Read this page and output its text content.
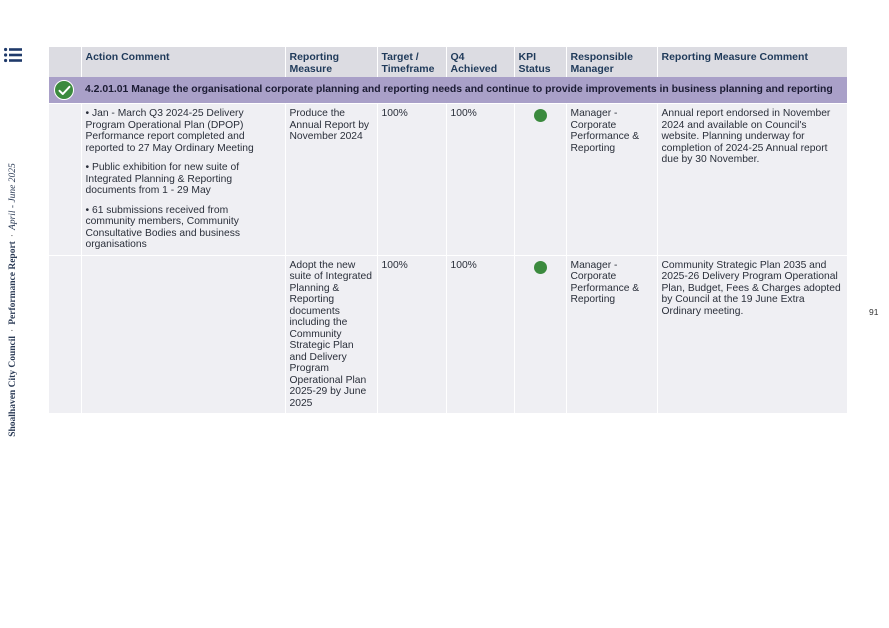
Shoalhaven City Council·Performance Report·April - June 2025
	Action Comment	Reporting Measure	Target / Timeframe	Q4 Achieved	KPI Status	Responsible Manager	Reporting Measure Comment

	4.2.01.01 Manage the organisational corporate planning and reporting needs and continue to provide improvements in business planning and reporting						

	• Jan - March Q3 2024-25 Delivery Program Operational Plan (DPOP) Performance report completed and reported to 27 May Ordinary Meeting
• Public exhibition for new suite of Integrated Planning & Reporting documents from 1 - 29 May
• 61 submissions received from community members, Community Consultative Bodies and business organisations	Produce the Annual Report by November 2024	100%	100%		Manager - Corporate Performance & Reporting	Annual report endorsed in November 2024 and available on Council's website. Planning underway for completion of 2024-25 Annual report due by 30 November.
		Adopt the new suite of Integrated Planning & Reporting documents including the Community Strategic Plan and Delivery Program Operational Plan 2025-29 by June 2025	100%	100%		Manager - Corporate Performance & Reporting	Community Strategic Plan 2035 and 2025-26 Delivery Program Operational Plan, Budget, Fees & Charges adopted by Council at the 19 June Extra Ordinary meeting.	91
